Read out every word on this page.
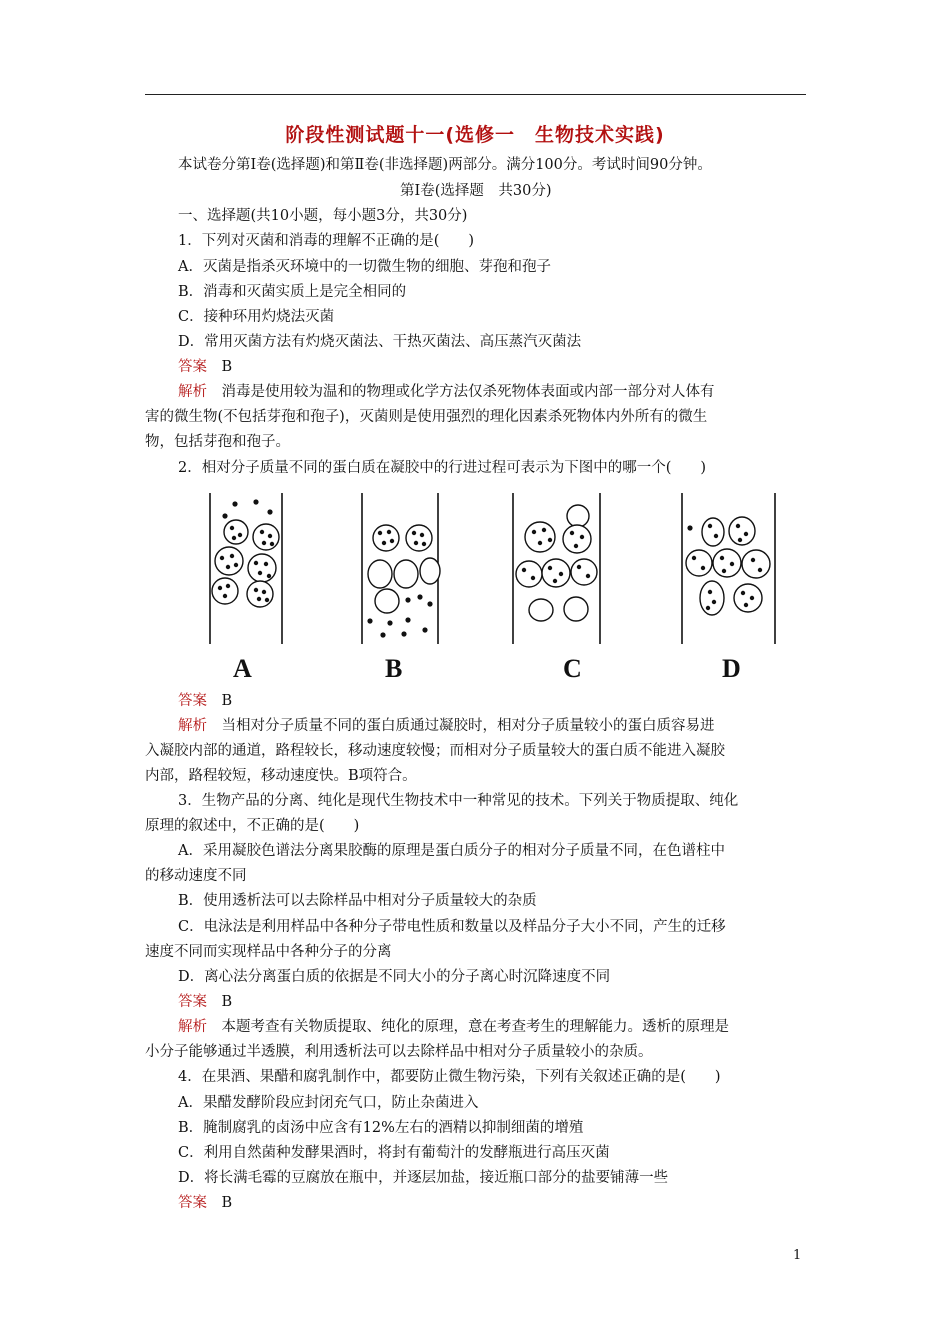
阶段性测试题十一(选修一　生物技术实践)
本试卷分第Ⅰ卷(选择题)和第Ⅱ卷(非选择题)两部分。满分100分。考试时间90分钟。
第Ⅰ卷(选择题　共30分)
一、选择题(共10小题，每小题3分，共30分)
1．下列对灭菌和消毒的理解不正确的是(　　)
A．灭菌是指杀灭环境中的一切微生物的细胞、芽孢和孢子
B．消毒和灭菌实质上是完全相同的
C．接种环用灼烧法灭菌
D．常用灭菌方法有灼烧灭菌法、干热灭菌法、高压蒸汽灭菌法
答案　 B
解析　 消毒是使用较为温和的物理或化学方法仅杀死物体表面或内部一部分对人体有
害的微生物(不包括芽孢和孢子)，灭菌则是使用强烈的理化因素杀死物体内外所有的微生
物，包括芽孢和孢子。
2．相对分子质量不同的蛋白质在凝胶中的行进过程可表示为下图中的哪一个(　　)
A	B	C	D
答案　 B
解析　 当相对分子质量不同的蛋白质通过凝胶时，相对分子质量较小的蛋白质容易进
入凝胶内部的通道，路程较长，移动速度较慢；而相对分子质量较大的蛋白质不能进入凝胶
内部，路程较短，移动速度快。B项符合。
3．生物产品的分离、纯化是现代生物技术中一种常见的技术。下列关于物质提取、纯化
原理的叙述中，不正确的是(　　)
A．采用凝胶色谱法分离果胶酶的原理是蛋白质分子的相对分子质量不同，在色谱柱中
的移动速度不同
B．使用透析法可以去除样品中相对分子质量较大的杂质
C．电泳法是利用样品中各种分子带电性质和数量以及样品分子大小不同，产生的迁移
速度不同而实现样品中各种分子的分离
D．离心法分离蛋白质的依据是不同大小的分子离心时沉降速度不同
答案　 B
解析　 本题考查有关物质提取、纯化的原理，意在考查考生的理解能力。透析的原理是
小分子能够通过半透膜，利用透析法可以去除样品中相对分子质量较小的杂质。
4．在果酒、果醋和腐乳制作中，都要防止微生物污染，下列有关叙述正确的是(　　)
A．果醋发酵阶段应封闭充气口，防止杂菌进入
B．腌制腐乳的卤汤中应含有12%左右的酒精以抑制细菌的增殖
C．利用自然菌种发酵果酒时，将封有葡萄汁的发酵瓶进行高压灭菌
D．将长满毛霉的豆腐放在瓶中，并逐层加盐，接近瓶口部分的盐要铺薄一些
答案　 B
1
